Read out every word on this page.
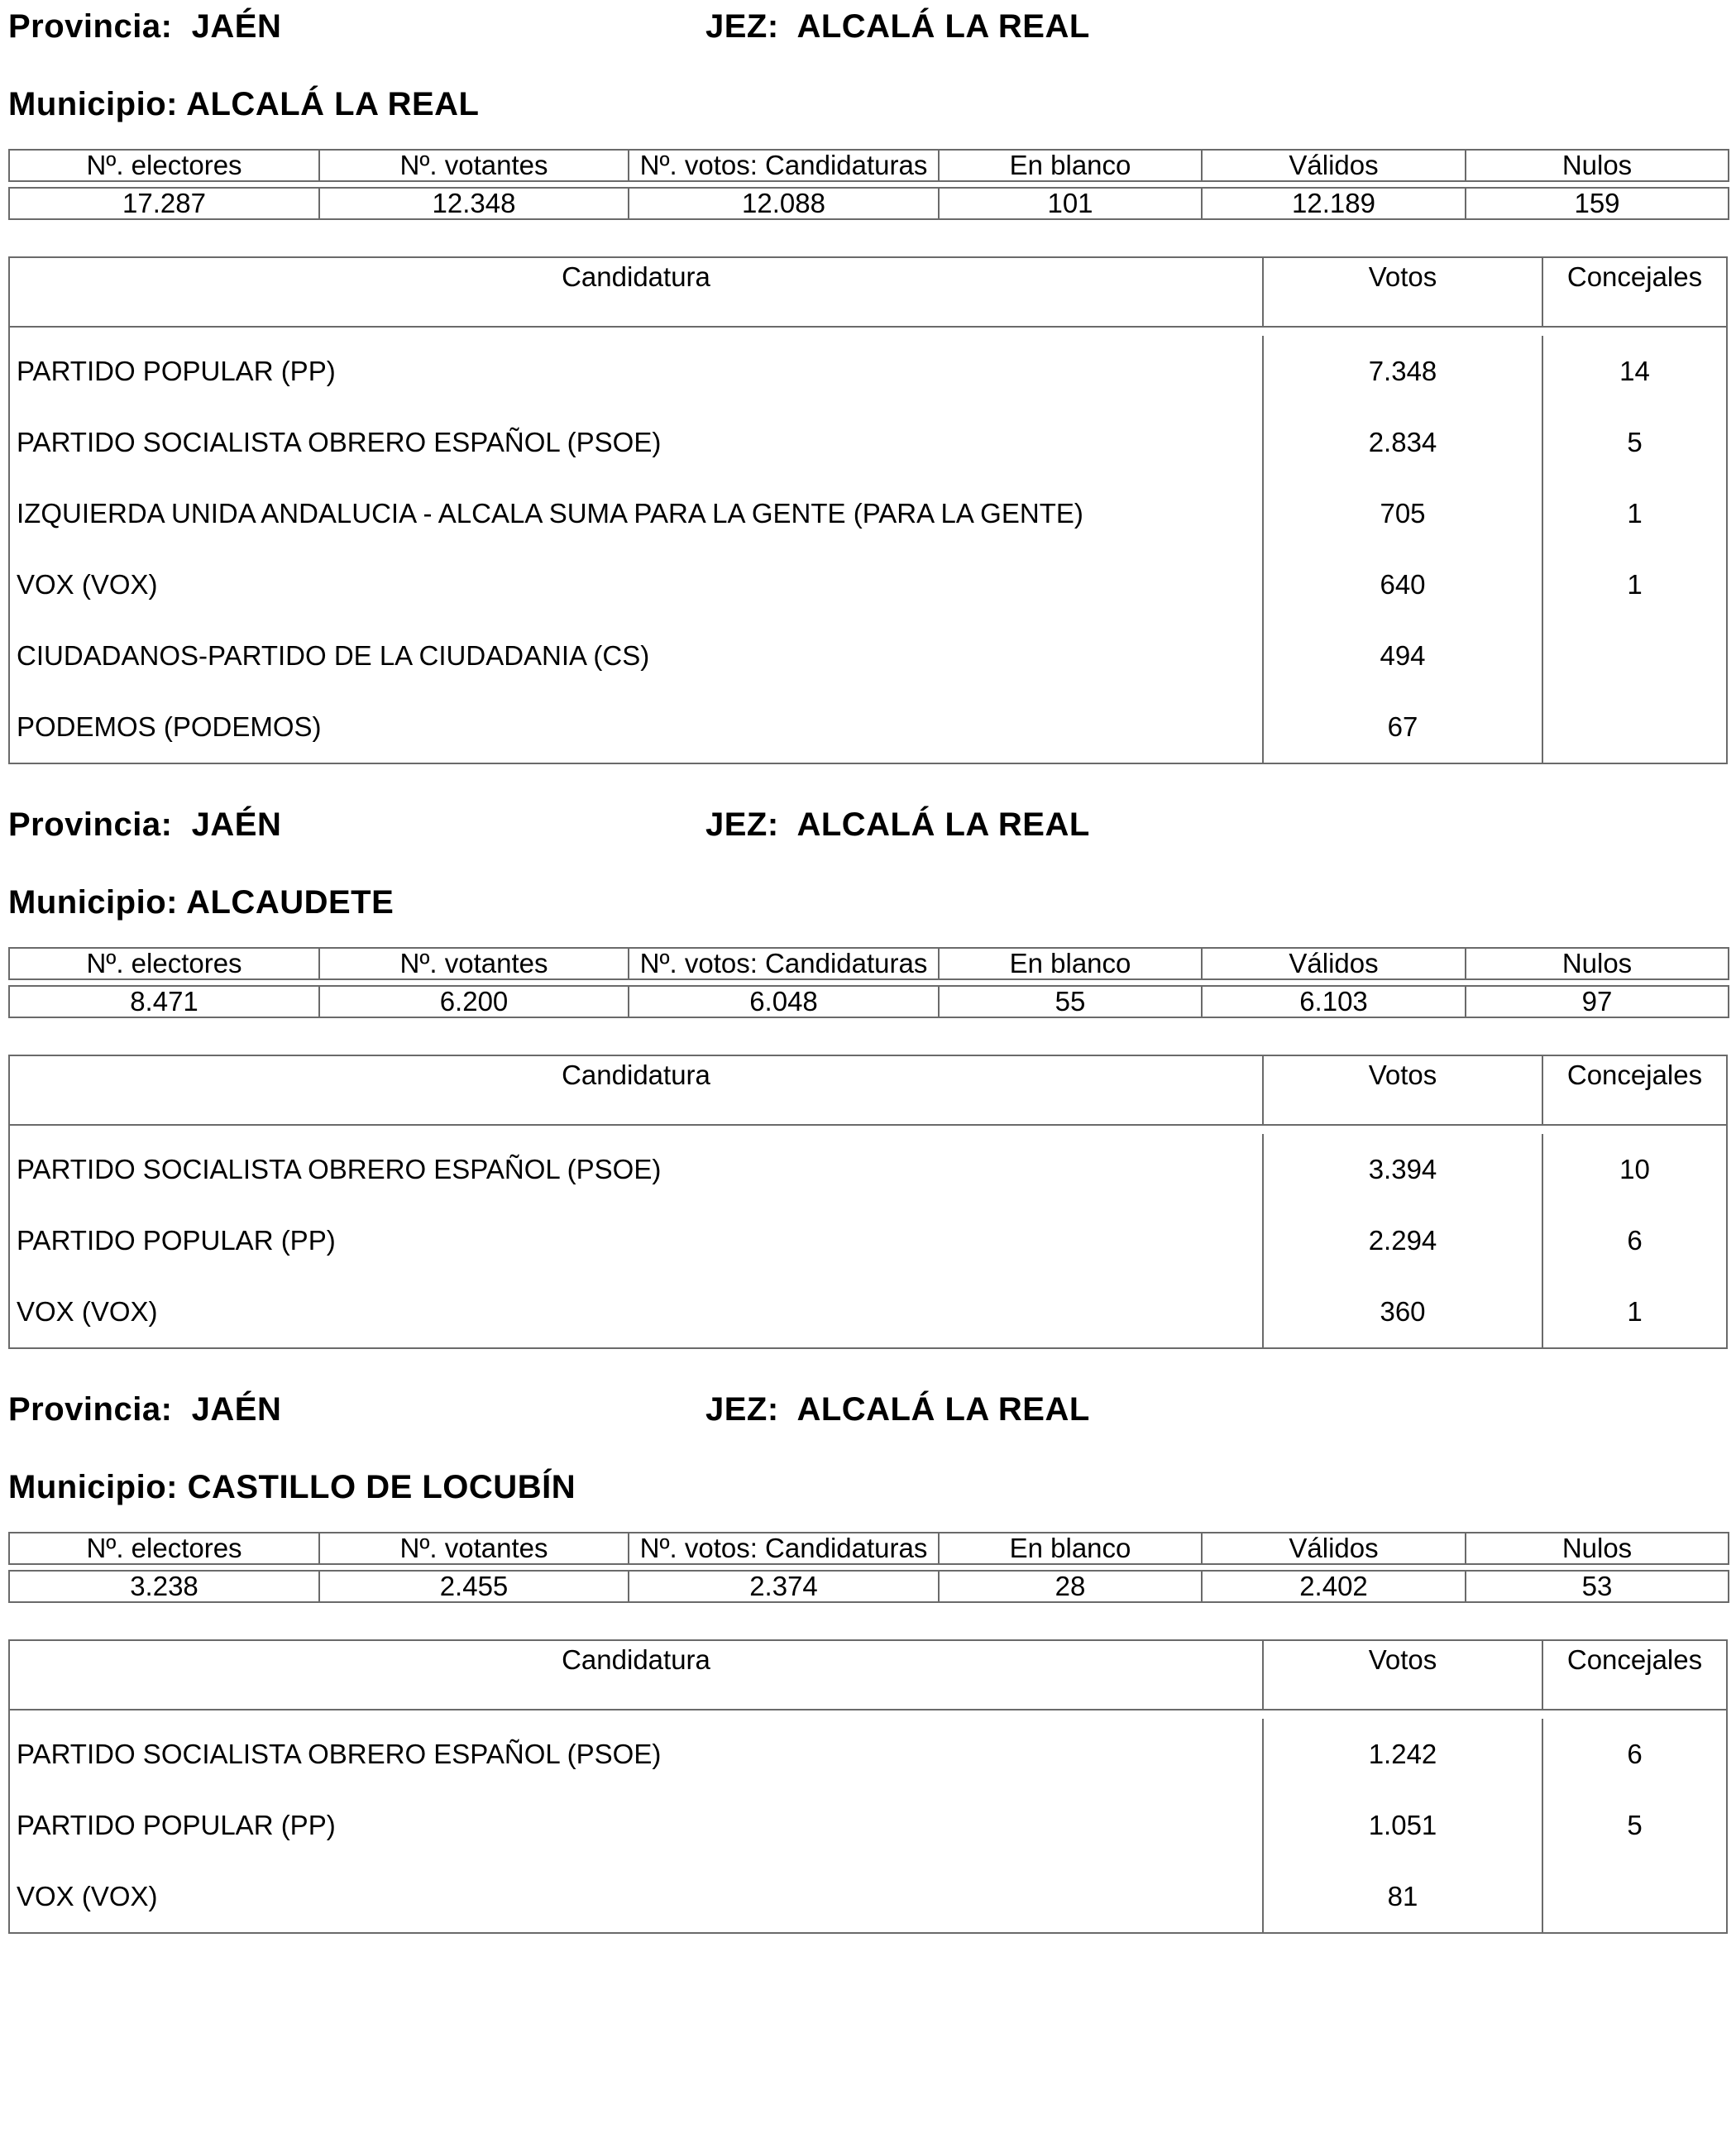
Provincia: JAÉN	JEZ: ALCALÁ LA REAL
Municipio: ALCALÁ LA REAL
Nº. electores	Nº. votantes	Nº. votos: Candidaturas	En blanco	Válidos	Nulos

17.287	12.348	12.088	101	12.189	159
Candidatura	Votos	Concejales
PARTIDO POPULAR (PP)	7.348	14
PARTIDO SOCIALISTA OBRERO ESPAÑOL (PSOE)	2.834	5
IZQUIERDA UNIDA ANDALUCIA - ALCALA SUMA PARA LA GENTE (PARA LA GENTE)	705	1
VOX (VOX)	640	1
CIUDADANOS-PARTIDO DE LA CIUDADANIA (CS)	494
PODEMOS (PODEMOS)	67
Provincia: JAÉN	JEZ: ALCALÁ LA REAL
Municipio: ALCAUDETE
Nº. electores	Nº. votantes	Nº. votos: Candidaturas	En blanco	Válidos	Nulos

8.471	6.200	6.048	55	6.103	97
Candidatura	Votos	Concejales
PARTIDO SOCIALISTA OBRERO ESPAÑOL (PSOE)	3.394	10
PARTIDO POPULAR (PP)	2.294	6
VOX (VOX)	360	1
Provincia: JAÉN	JEZ: ALCALÁ LA REAL
Municipio: CASTILLO DE LOCUBÍN
Nº. electores	Nº. votantes	Nº. votos: Candidaturas	En blanco	Válidos	Nulos

3.238	2.455	2.374	28	2.402	53
Candidatura	Votos	Concejales
PARTIDO SOCIALISTA OBRERO ESPAÑOL (PSOE)	1.242	6
PARTIDO POPULAR (PP)	1.051	5
VOX (VOX)	81
